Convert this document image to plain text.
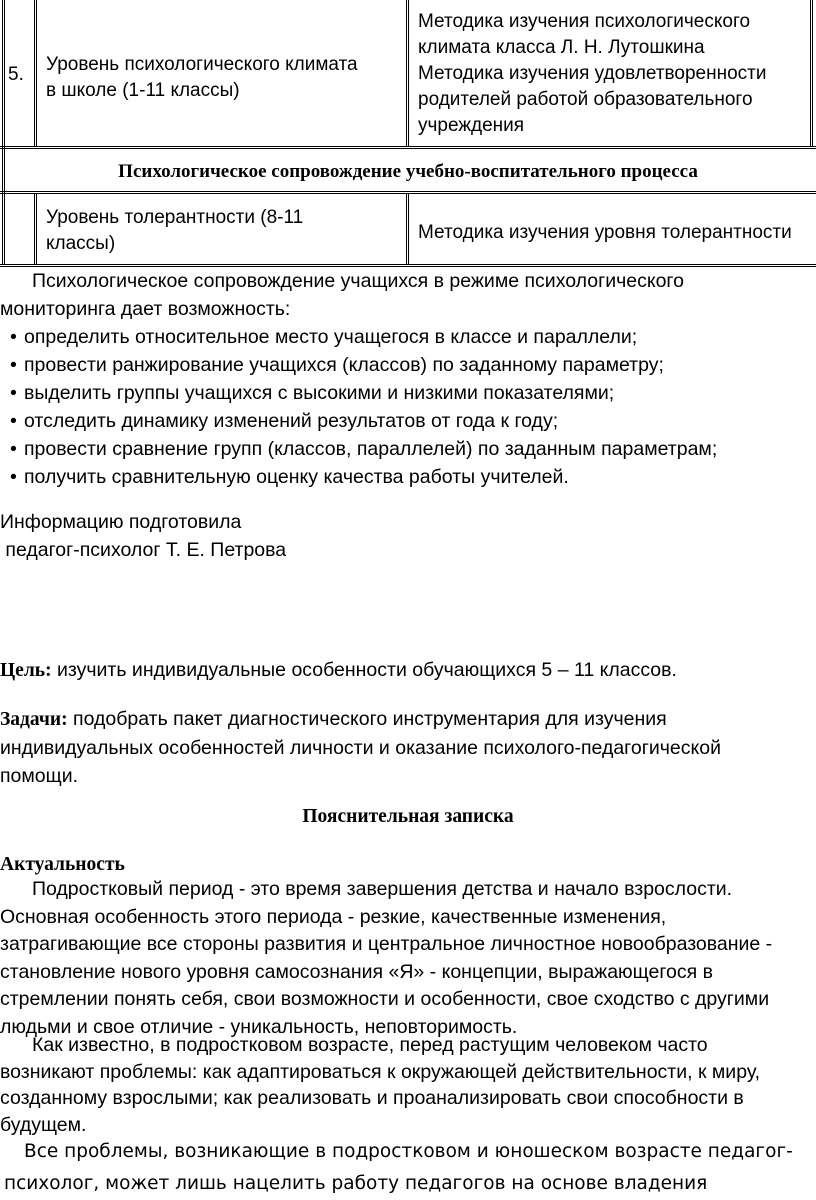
5. Уровень психологического климата
в школе (1-11 классы)
Методика изучения психологического
климата класса Л. Н. Лутошкина
Методика изучения удовлетворенности
родителей работой образовательного
учреждения
Психологическое сопровождение учебно-воспитательного процесса
Уровень толерантности (8-11
классы)
Методика изучения уровня толерантности

Психологическое сопровождение учащихся в режиме психологического

мониторинга дает возможность:

• определить относительное место учащегося в классе и параллели;

• провести ранжирование учащихся (классов) по заданному параметру;

• выделить группы учащихся с высокими и низкими показателями;

• отследить динамику изменений результатов от года к году;

• провести сравнение групп (классов, параллелей) по заданным параметрам;

• получить сравнительную оценку качества работы учителей.

Информацию подготовила

педагог-психолог Т. Е. Петрова

Цель: изучить индивидуальные особенности обучающихся 5 – 11 классов.

Задачи: подобрать пакет диагностического инструментария для изучения

индивидуальных особенностей личности и оказание психолого-педагогической

помощи.

Пояснительная записка

Актуальность

Подростковый период - это время завершения детства и начало взрослости.

Основная особенность этого периода - резкие, качественные изменения,

затрагивающие все стороны развития и центральное личностное новообразование -

становление нового уровня самосознания «Я» - концепции, выражающегося в

стремлении понять себя, свои возможности и особенности, свое сходство с другими

людьми и свое отличие - уникальность, неповторимость.

Как известно, в подростковом возрасте, перед растущим человеком часто

возникают проблемы: как адаптироваться к окружающей действительности, к миру,

созданному взрослыми; как реализовать и проанализировать свои способности в

будущем.

Все проблемы, возникающие в подростковом и юношеском возрасте педагог-

психолог, может лишь нацелить работу педагогов на основе владения
